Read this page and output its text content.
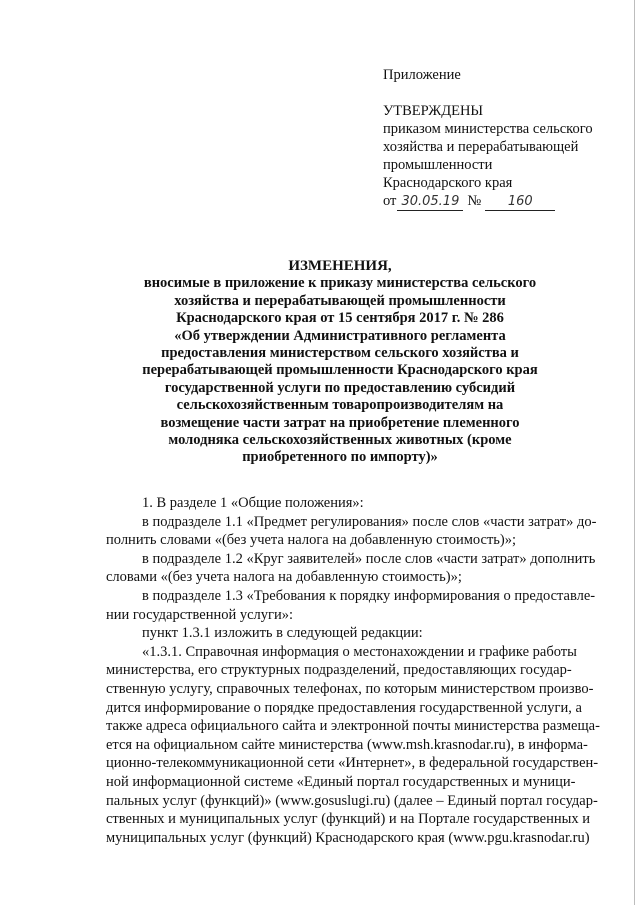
Приложение

УТВЕРЖДЕНЫ

приказом министерства сельского

хозяйства и перерабатывающей

промышленности

Краснодарского края

от 30.05.19 №	160

ИЗМЕНЕНИЯ,

вносимые в приложение к приказу министерства сельского

хозяйства и перерабатывающей промышленности

Краснодарского края от 15 сентября 2017 г. № 286

«Об утверждении Административного регламента

предоставления министерством сельского хозяйства и

перерабатывающей промышленности Краснодарского края

государственной услуги по предоставлению субсидий

сельскохозяйственным товаропроизводителям на

возмещение части затрат на приобретение племенного

молодняка сельскохозяйственных животных (кроме

приобретенного по импорту)»

1. В разделе 1 «Общие положения»:

в подразделе 1.1 «Предмет регулирования» после слов «части затрат» до-

полнить словами «(без учета налога на добавленную стоимость)»;

в подразделе 1.2 «Круг заявителей» после слов «части затрат» дополнить

словами «(без учета налога на добавленную стоимость)»;

в подразделе 1.3 «Требования к порядку информирования о предоставле-

нии государственной услуги»:

пункт 1.3.1 изложить в следующей редакции:

«1.3.1. Справочная информация о местонахождении и графике работы

министерства, его структурных подразделений, предоставляющих государ-

ственную услугу, справочных телефонах, по которым министерством произво-

дится информирование о порядке предоставления государственной услуги, а

также адреса официального сайта и электронной почты министерства размеща-

ется на официальном сайте министерства (www.msh.krasnodar.ru), в информа-

ционно-телекоммуникационной сети «Интернет», в федеральной государствен-

ной информационной системе «Единый портал государственных и муници-

пальных услуг (функций)» (www.gosuslugi.ru) (далее – Единый портал государ-

ственных и муниципальных услуг (функций) и на Портале государственных и

муниципальных услуг (функций) Краснодарского края (www.pgu.krasnodar.ru)
